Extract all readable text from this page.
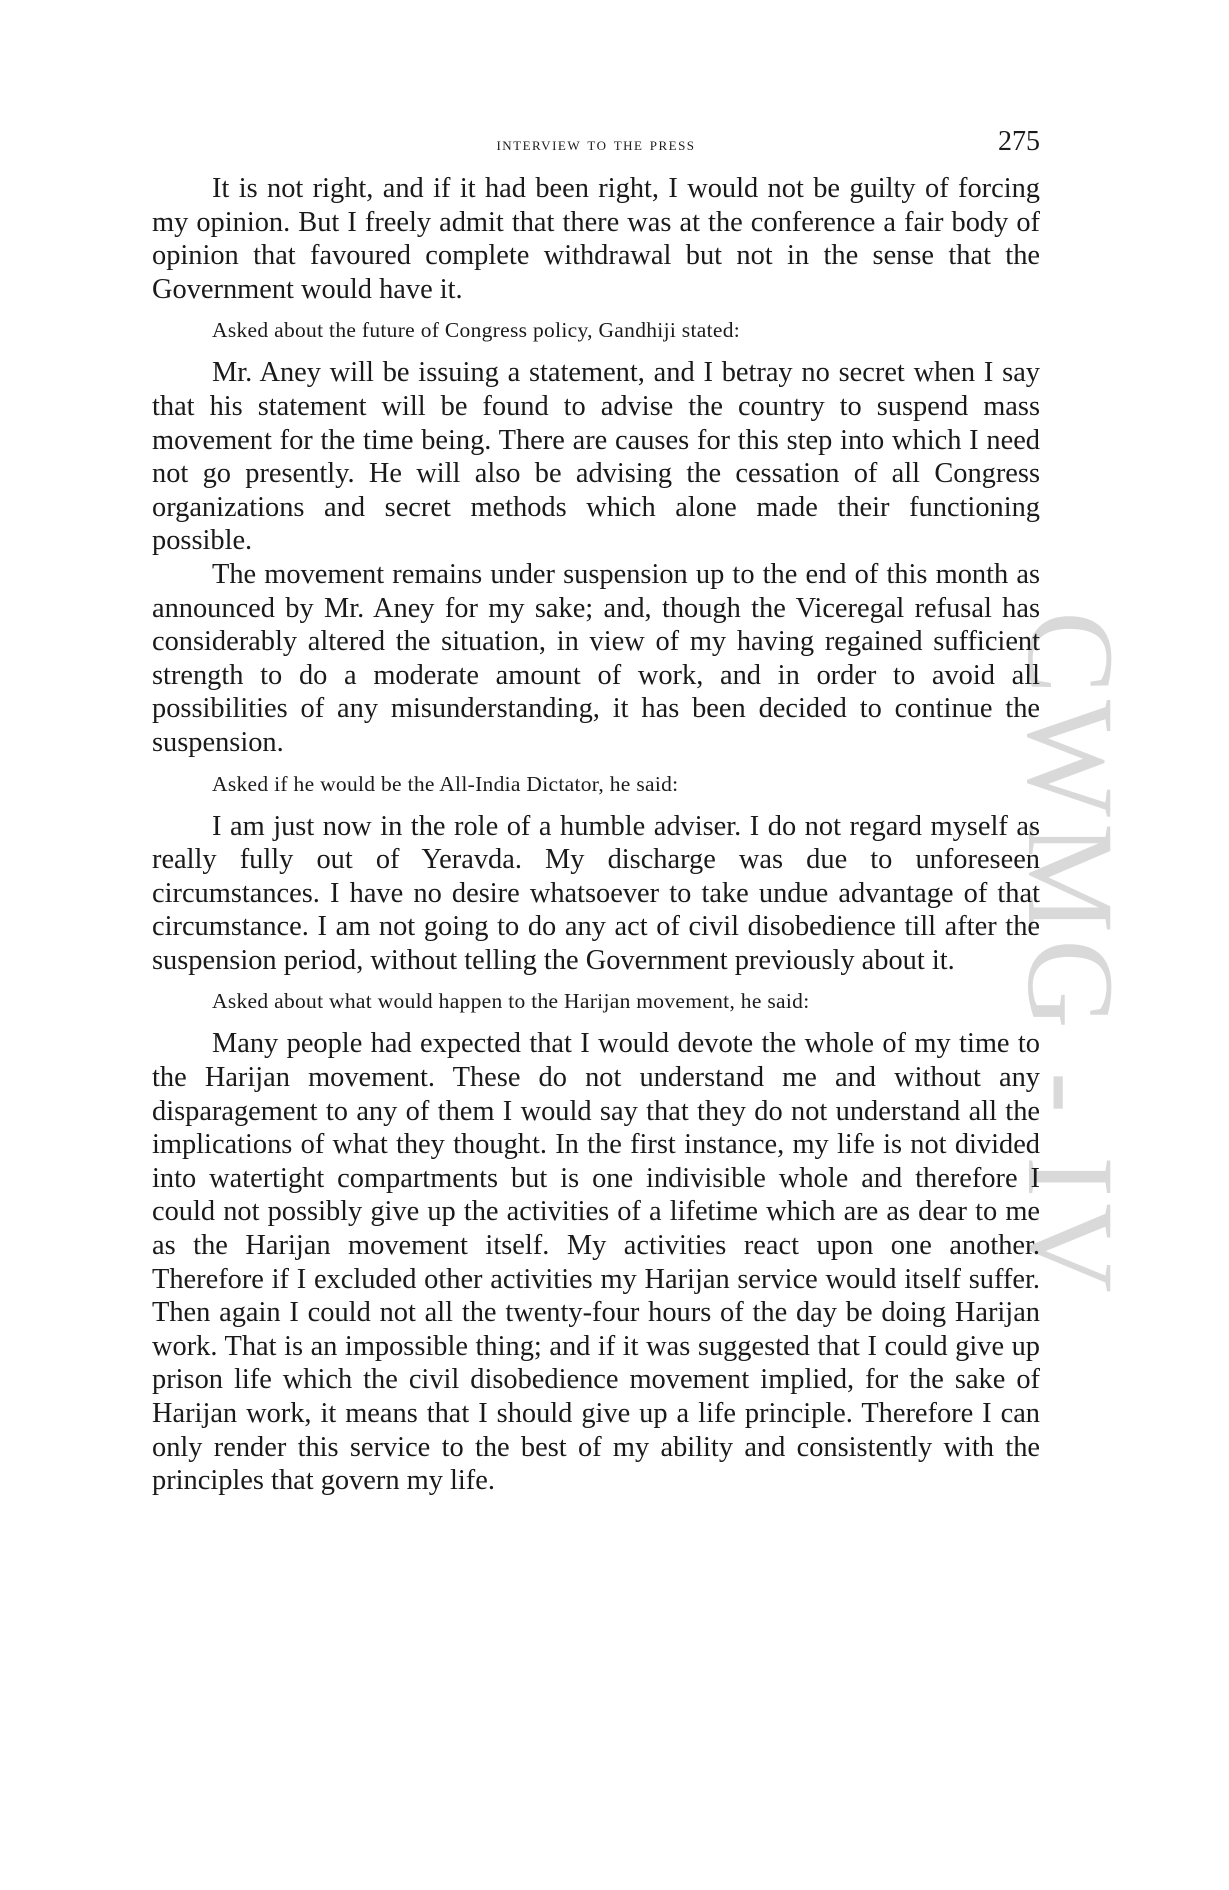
CWMG - IV
interview to the press	275

It is not right, and if it had been right, I would not be guilty of forcing my opinion. But I freely admit that there was at the conference a fair body of opinion that favoured complete withdrawal but not in the sense that the Government would have it.

Asked about the future of Congress policy, Gandhiji stated:

Mr. Aney will be issuing a statement, and I betray no secret when I say that his statement will be found to advise the country to suspend mass movement for the time being. There are causes for this step into which I need not go presently. He will also be advising the cessation of all Congress organizations and secret methods which alone made their functioning possible.

The movement remains under suspension up to the end of this month as announced by Mr. Aney for my sake; and, though the Viceregal refusal has considerably altered the situation, in view of my having regained sufficient strength to do a moderate amount of work, and in order to avoid all possibilities of any misunderstanding, it has been decided to continue the suspension.

Asked if he would be the All-India Dictator, he said:

I am just now in the role of a humble adviser. I do not regard myself as really fully out of Yeravda. My discharge was due to unforeseen circumstances. I have no desire whatsoever to take undue advantage of that circumstance. I am not going to do any act of civil disobedience till after the suspension period, without telling the Government previously about it.

Asked about what would happen to the Harijan movement, he said:

Many people had expected that I would devote the whole of my time to the Harijan movement. These do not understand me and without any disparagement to any of them I would say that they do not understand all the implications of what they thought. In the first instance, my life is not divided into watertight compartments but is one indivisible whole and therefore I could not possibly give up the activities of a lifetime which are as dear to me as the Harijan movement itself. My activities react upon one another. Therefore if I excluded other activities my Harijan service would itself suffer. Then again I could not all the twenty-four hours of the day be doing Harijan work. That is an impossible thing; and if it was suggested that I could give up prison life which the civil disobedience movement implied, for the sake of Harijan work, it means that I should give up a life principle. Therefore I can only render this service to the best of my ability and consistently with the principles that govern my life.
